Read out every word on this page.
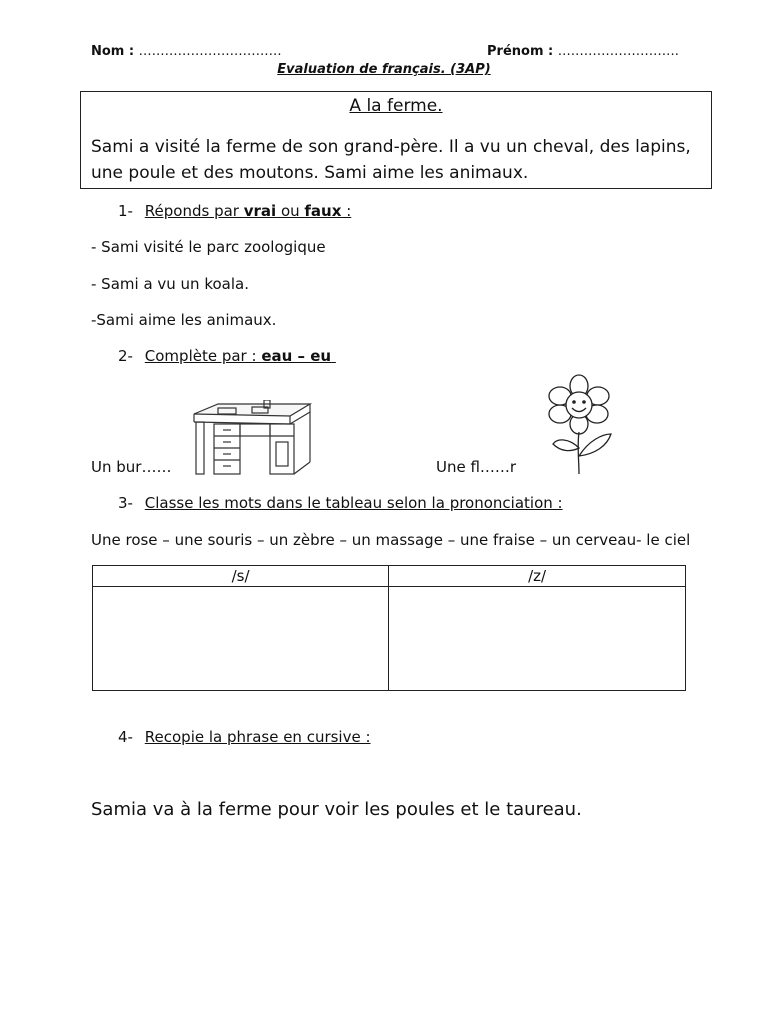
Nom : ……………………………	Prénom : ……………………….
Evaluation de français. (3AP)
A la ferme.
Sami a visité la ferme de son grand-père. Il a vu un cheval, des lapins,
une poule et des moutons. Sami aime les animaux.
1- Réponds par vrai ou faux :
- Sami visité le parc zoologique
- Sami a vu un koala.
-Sami aime les animaux.
2- Complète par : eau – eu
Un bur……	Une fl……r
3- Classe les mots dans le tableau selon la prononciation :
Une rose – une souris – un zèbre – un massage – une fraise – un cerveau- le ciel
/s/	/z/

4- Recopie la phrase en cursive :
Samia va à la ferme pour voir les poules et le taureau.
